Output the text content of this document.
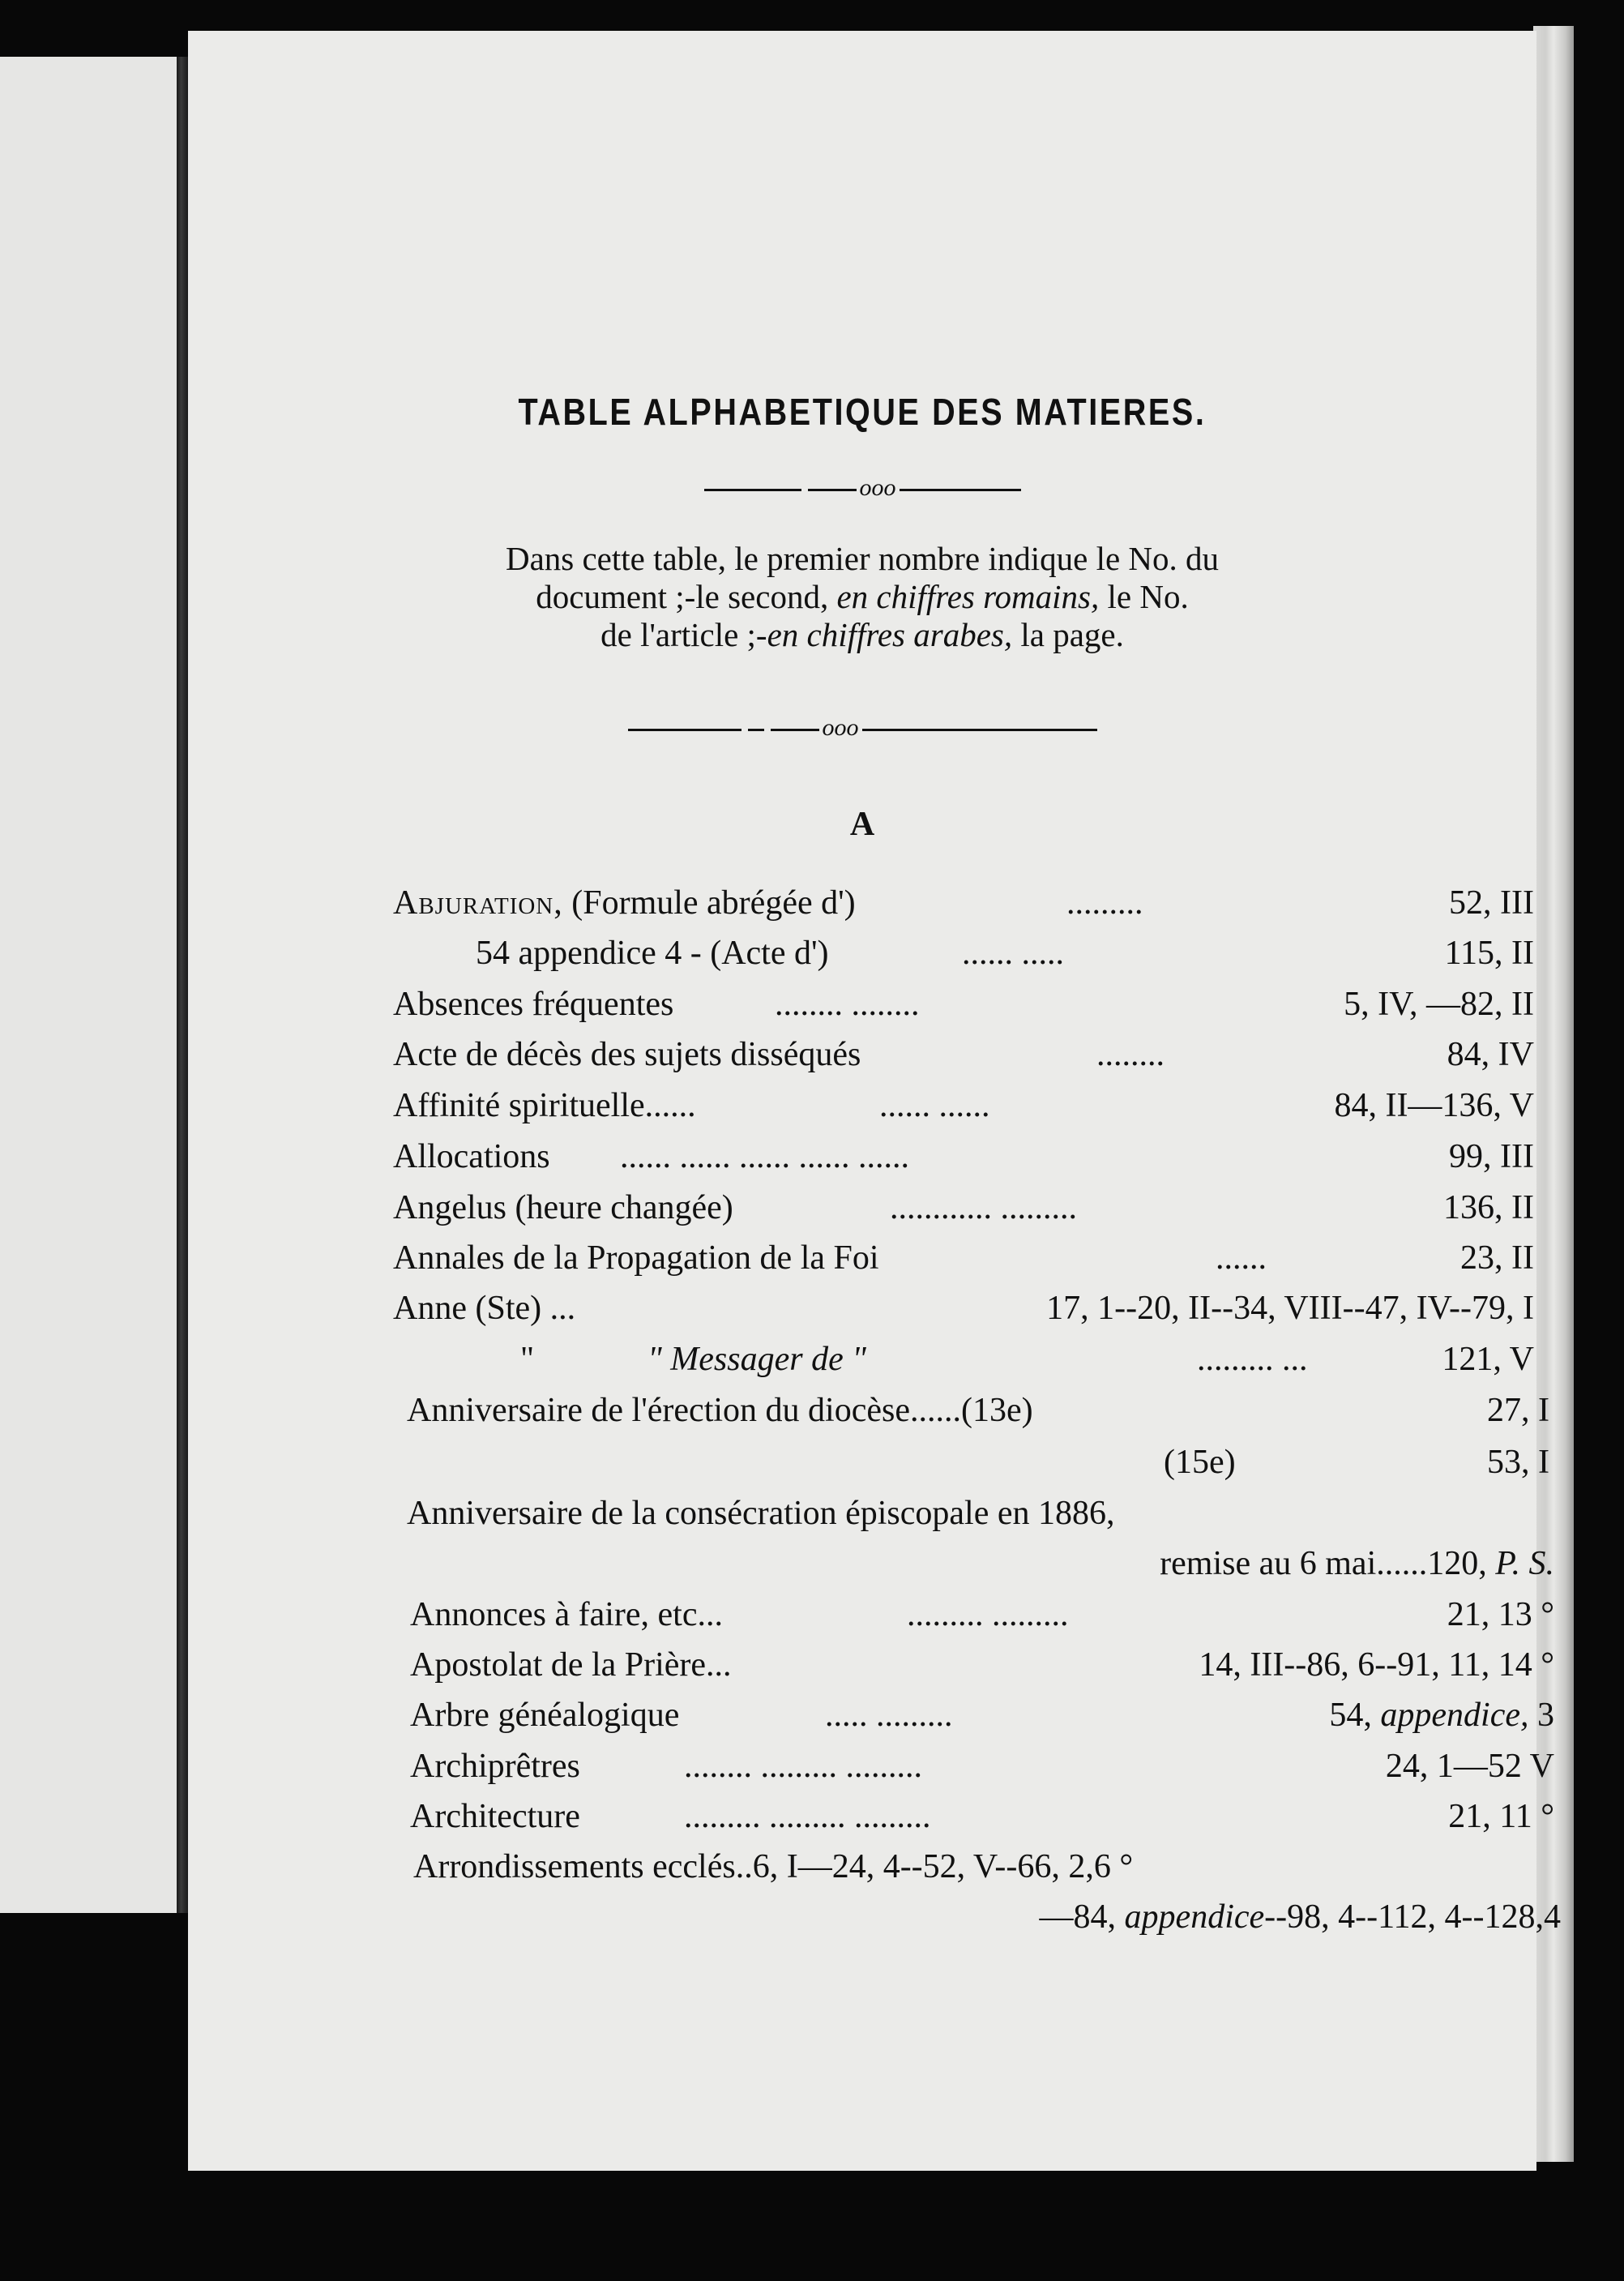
TABLE ALPHABETIQUE DES MATIERES.
ooo
Dans cette table, le premier nombre indique le No. du
document ;-le second, en chiffres romains, le No.
de l'article ;-en chiffres arabes, la page.
ooo
A
Abjuration, (Formule abrégée d')	.........	52, III
54 appendice 4 - (Acte d')	...... .....	115, II
Absences fréquentes	........ ........	5, IV, —82, II
Acte de décès des sujets disséqués	........	84, IV
Affinité spirituelle......	...... ......	84, II—136, V
Allocations ...... ...... ...... ...... ......	99, III
Angelus (heure changée)	............ .........	136, II
Annales de la Propagation de la Foi	......	23, II
Anne (Ste) ...	17, 1--20, II--34, VIII--47, IV--79, I
"	" Messager de "	......... ...	121, V
Anniversaire de l'érection du diocèse......(13e)	27, I
(15e)	53, I
Anniversaire de la consécration épiscopale en 1886,
remise au 6 mai......120, P. S.
Annonces à faire, etc...	......... .........	21, 13 °
Apostolat de la Prière...	14, III--86, 6--91, 11, 14 °
Arbre généalogique	..... .........	54, appendice, 3
Archiprêtres	........ ......... .........	24, 1—52 V
Architecture	......... ......... .........	21, 11 °
Arrondissements ecclés..6, I—24, 4--52, V--66, 2,6 °
—84, appendice--98, 4--112, 4--128,4
